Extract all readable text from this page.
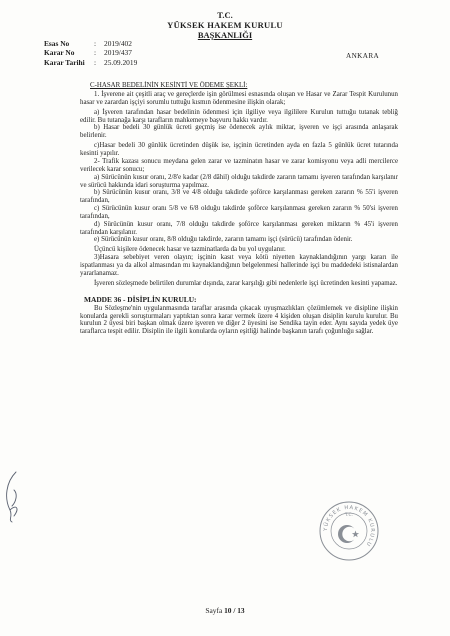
T.C.
YÜKSEK HAKEM KURULU
BAŞKANLIĞI
Esas No	: 2019/402
Karar No	: 2019/437
Karar Tarihi : 25.09.2019
ANKARA

C-HASAR BEDELİNİN KESİNTİ VE ÖDEME ŞEKLİ:

1. İşverene ait çeşitli araç ve gereçlerde işin görülmesi esnasında oluşan ve Hasar ve Zarar Tespit Kurulunun hasar ve zarardan işçiyi sorumlu tuttuğu kısmın ödenmesine ilişkin olarak;

a) İşveren tarafından hasar bedelinin ödenmesi için ilgiliye veya ilgililere Kurulun tuttuğu tutanak tebliğ edilir. Bu tutanağa karşı tarafların mahkemeye başvuru hakkı vardır.

b) Hasar bedeli 30 günlük ücreti geçmiş ise ödenecek aylık miktar, işveren ve işçi arasında anlaşarak belirlenir.

c)Hasar bedeli 30 günlük ücretinden düşük ise, işçinin ücretinden ayda en fazla 5 günlük ücret tutarında kesinti yapılır.

2- Trafik kazası sonucu meydana gelen zarar ve tazminatın hasar ve zarar komisyonu veya adli mercilerce verilecek karar sonucu;

a) Sürücünün kusur oranı, 2/8'e kadar (2/8 dâhil) olduğu takdirde zararın tamamı işveren tarafından karşılanır ve sürücü hakkında idari soruşturma yapılmaz.

b) Sürücünün kusur oranı, 3/8 ve 4/8 olduğu takdirde şoförce karşılanması gereken zararın % 55'i işveren tarafından,

c) Sürücünün kusur oranı 5/8 ve 6/8 olduğu takdirde şoförce karşılanması gereken zararın % 50'si işveren tarafından,

d) Sürücünün kusur oranı, 7/8 olduğu takdirde şoförce karşılanması gereken miktarın % 45'i işveren tarafından karşılanır.

e) Sürücünün kusur oranı, 8/8 olduğu takdirde, zararın tamamı işçi (sürücü) tarafından ödenir.

Üçüncü kişilere ödenecek hasar ve tazminatlarda da bu yol uygulanır.

3)Hasara sebebiyet veren olayın; işçinin kasıt veya kötü niyetten kaynaklandığının yargı kararı ile ispatlanması ya da alkol almasından mı kaynaklandığının belgelenmesi hallerinde işçi bu maddedeki istisnalardan yararlanamaz.

İşveren sözleşmede belirtilen durumlar dışında, zarar karşılığı gibi nedenlerle işçi ücretinden kesinti yapamaz.

MADDE 36 - DİSİPLİN KURULU:

Bu Sözleşme'nin uygulanmasında taraflar arasında çıkacak uyuşmazlıkları çözümlemek ve disipline ilişkin konularda gerekli soruşturmaları yaptıktan sonra karar vermek üzere 4 kişiden oluşan disiplin kurulu kurulur. Bu kurulun 2 üyesi biri başkan olmak üzere işveren ve diğer 2 üyesini ise Sendika tayin eder. Aynı sayıda yedek üye taraflarca tespit edilir. Disiplin ile ilgili konularda oyların eşitliği halinde başkanın tarafı çoğunluğu sağlar.

YÜKSEK HAKEM KURULU
T.C.
Sayfa 10 / 13
